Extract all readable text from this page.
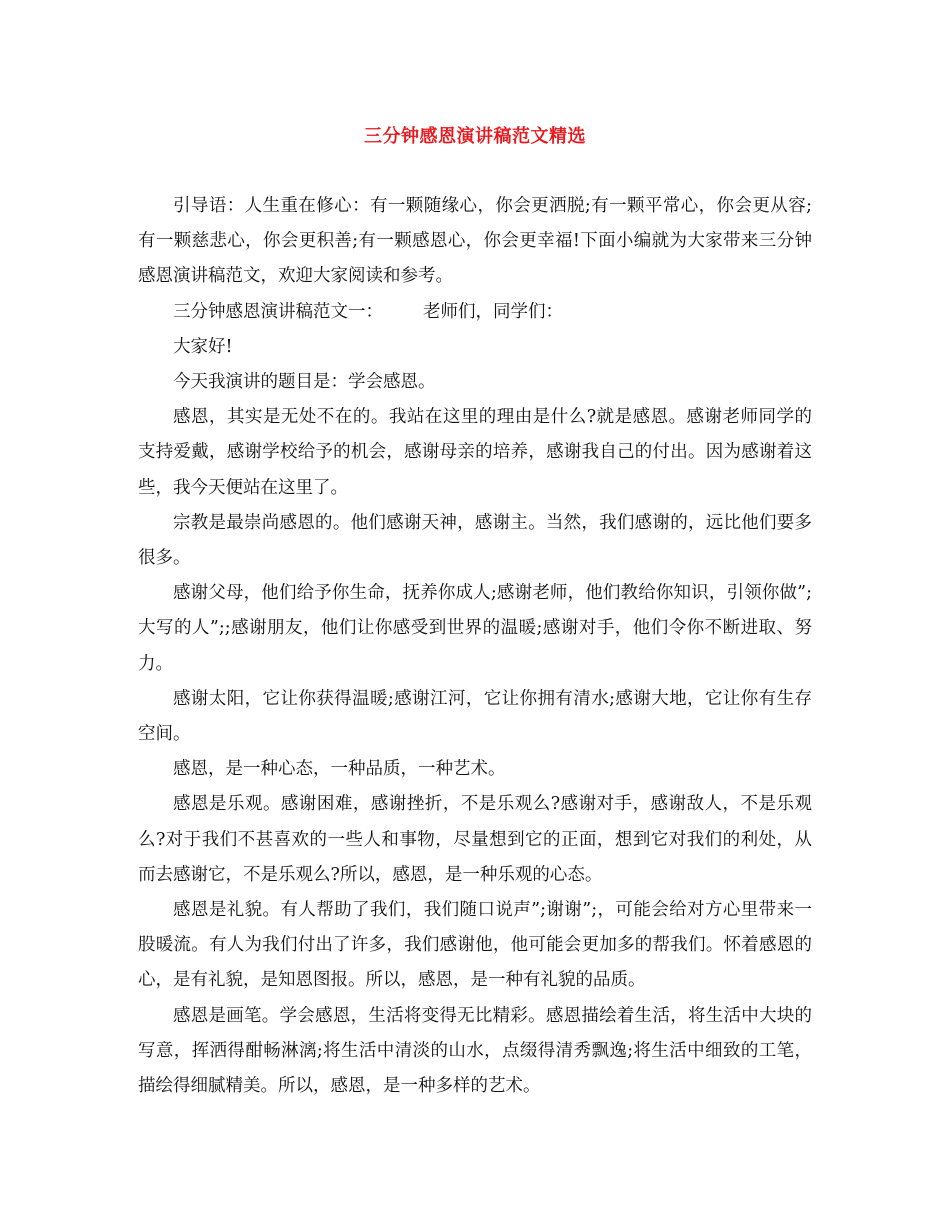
三分钟感恩演讲稿范文精选

引导语：人生重在修心：有一颗随缘心，你会更洒脱;有一颗平常心，你会更从容;有一颗慈悲心，你会更积善;有一颗感恩心，你会更幸福!下面小编就为大家带来三分钟感恩演讲稿范文，欢迎大家阅读和参考。

三分钟感恩演讲稿范文一： 老师们，同学们：

大家好!

今天我演讲的题目是：学会感恩。

感恩，其实是无处不在的。我站在这里的理由是什么?就是感恩。感谢老师同学的支持爱戴，感谢学校给予的机会，感谢母亲的培养，感谢我自己的付出。因为感谢着这些，我今天便站在这里了。

宗教是最崇尚感恩的。他们感谢天神，感谢主。当然，我们感谢的，远比他们要多很多。

感谢父母，他们给予你生命，抚养你成人;感谢老师，他们教给你知识，引领你做”;大写的人”;;感谢朋友，他们让你感受到世界的温暖;感谢对手，他们令你不断进取、努力。

感谢太阳，它让你获得温暖;感谢江河，它让你拥有清水;感谢大地，它让你有生存空间。

感恩，是一种心态，一种品质，一种艺术。

感恩是乐观。感谢困难，感谢挫折，不是乐观么?感谢对手，感谢敌人，不是乐观么?对于我们不甚喜欢的一些人和事物，尽量想到它的正面，想到它对我们的利处，从而去感谢它，不是乐观么?所以，感恩，是一种乐观的心态。

感恩是礼貌。有人帮助了我们，我们随口说声”;谢谢”;，可能会给对方心里带来一股暖流。有人为我们付出了许多，我们感谢他，他可能会更加多的帮我们。怀着感恩的心，是有礼貌，是知恩图报。所以，感恩，是一种有礼貌的品质。

感恩是画笔。学会感恩，生活将变得无比精彩。感恩描绘着生活，将生活中大块的写意，挥洒得酣畅淋漓;将生活中清淡的山水，点缀得清秀飘逸;将生活中细致的工笔，描绘得细腻精美。所以，感恩，是一种多样的艺术。
